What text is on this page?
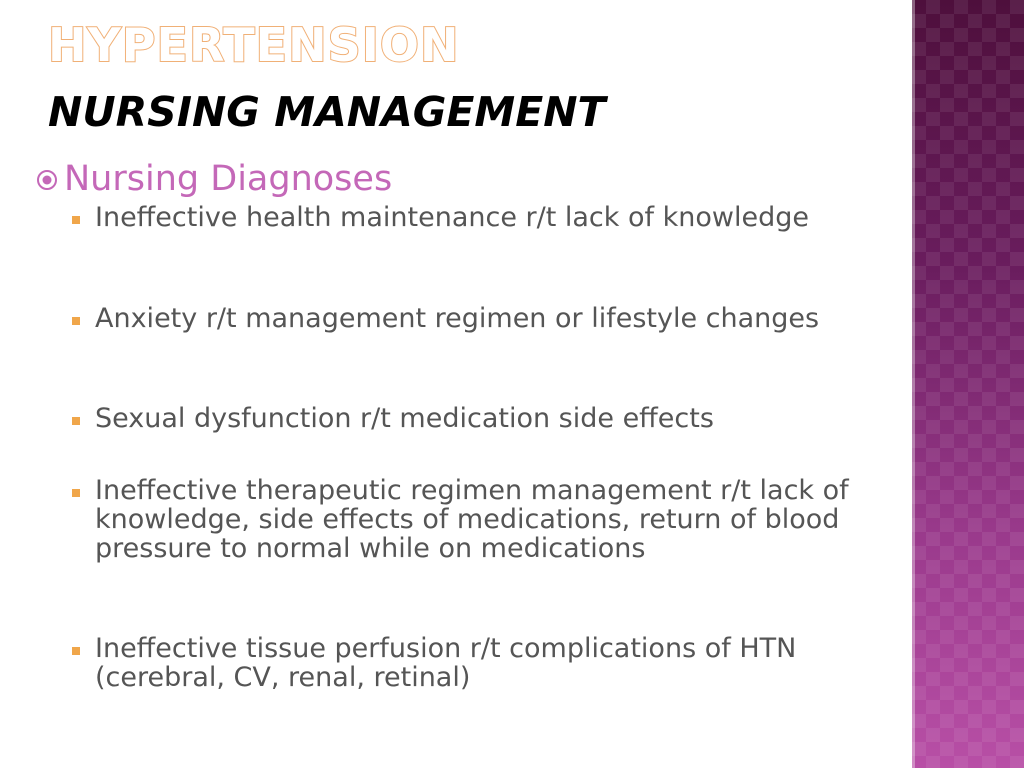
HYPERTENSION
NURSING MANAGEMENT
Nursing Diagnoses
Ineffective health maintenance r/t lack of knowledge
Anxiety r/t management regimen or lifestyle changes
Sexual dysfunction r/t medication side effects
Ineffective therapeutic regimen management r/t lack of knowledge, side effects of medications, return of blood pressure to normal while on medications
Ineffective tissue perfusion r/t complications of HTN (cerebral, CV, renal, retinal)
